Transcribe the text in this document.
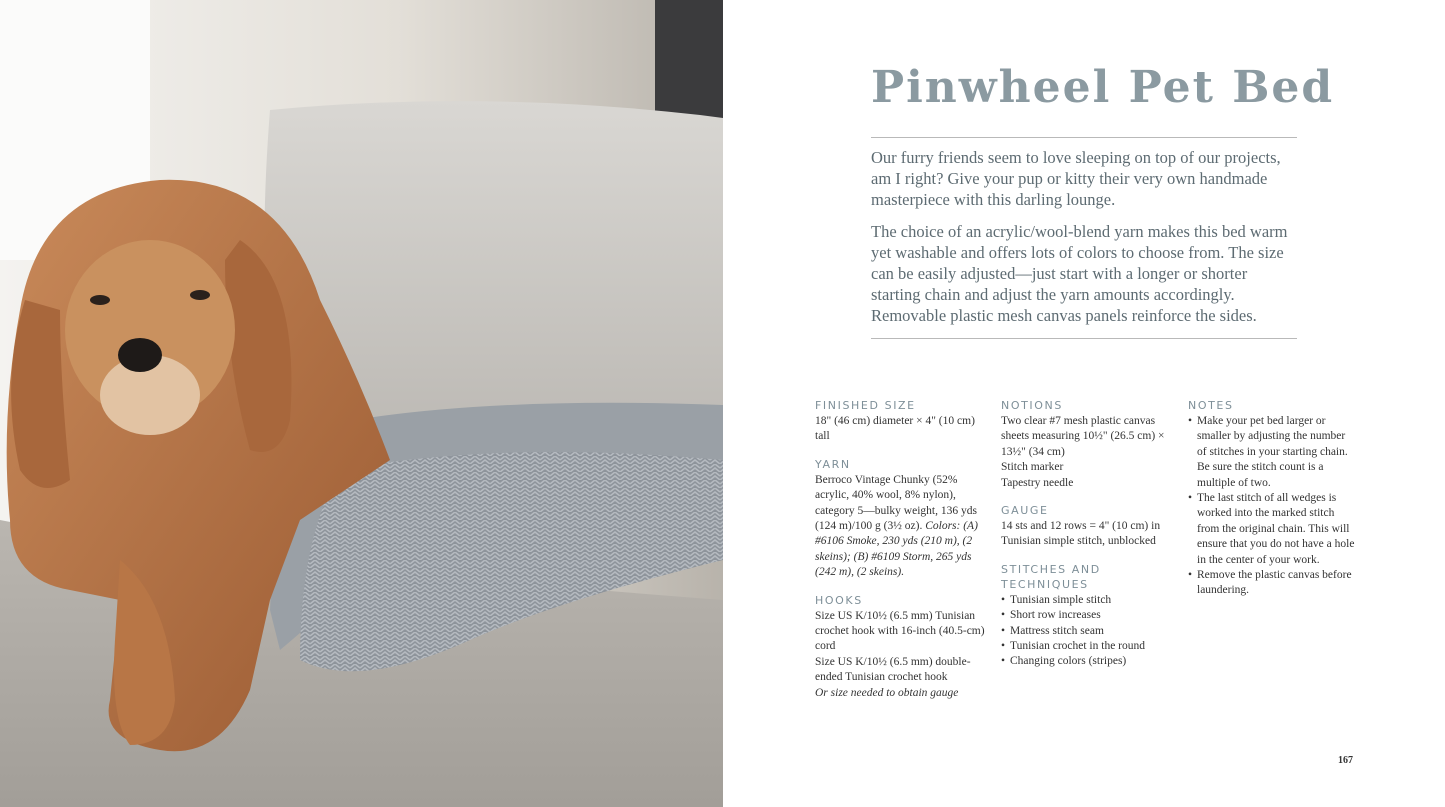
Pinwheel Pet Bed

Our furry friends seem to love sleeping on top of our projects, am I right? Give your pup or kitty their very own handmade masterpiece with this darling lounge.

The choice of an acrylic/wool-blend yarn makes this bed warm yet washable and offers lots of colors to choose from. The size can be easily adjusted—just start with a longer or shorter starting chain and adjust the yarn amounts accordingly. Removable plastic mesh canvas panels reinforce the sides.

FINISHED SIZE

18" (46 cm) diameter × 4" (10 cm) tall

YARN

Berroco Vintage Chunky (52% acrylic, 40% wool, 8% nylon), category 5—bulky weight, 136 yds (124 m)/100 g (3½ oz). Colors: (A) #6106 Smoke, 230 yds (210 m), (2 skeins); (B) #6109 Storm, 265 yds (242 m), (2 skeins).

HOOKS

Size US K/10½ (6.5 mm) Tunisian crochet hook with 16-inch (40.5-cm) cord

Size US K/10½ (6.5 mm) double-ended Tunisian crochet hook

Or size needed to obtain gauge

NOTIONS

Two clear #7 mesh plastic canvas sheets measuring 10½" (26.5 cm) × 13½" (34 cm)

Stitch marker

Tapestry needle

GAUGE

14 sts and 12 rows = 4" (10 cm) in Tunisian simple stitch, unblocked

STITCHES AND TECHNIQUES

• Tunisian simple stitch
• Short row increases
• Mattress stitch seam
• Tunisian crochet in the round
• Changing colors (stripes)

NOTES

• Make your pet bed larger or smaller by adjusting the number of stitches in your starting chain. Be sure the stitch count is a multiple of two.
• The last stitch of all wedges is worked into the marked stitch from the original chain. This will ensure that you do not have a hole in the center of your work.
• Remove the plastic canvas before laundering.
167
